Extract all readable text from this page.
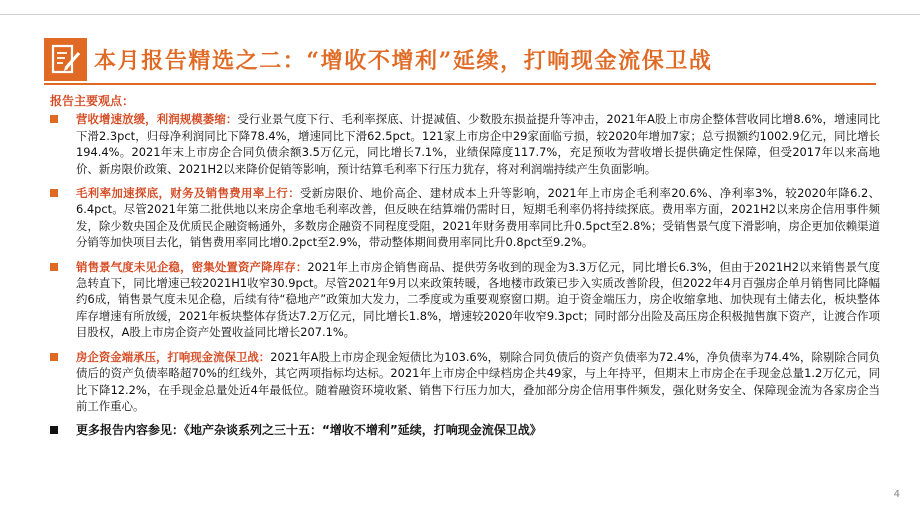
本月报告精选之二：“增收不增利”延续，打响现金流保卫战
报告主要观点：
营收增速放缓，利润规模萎缩：受行业景气度下行、毛利率探底、计提减值、少数股东损益提升等冲击，2021年A股上市房企整体营收同比增8.6%，增速同比下滑2.3pct，归母净利润同比下降78.4%，增速同比下滑62.5pct。121家上市房企中29家面临亏损，较2020年增加7家；总亏损额约1002.9亿元，同比增长194.4%。2021年末上市房企合同负债余额3.5万亿元，同比增长7.1%，业绩保障度117.7%，充足预收为营收增长提供确定性保障，但受2017年以来高地价、新房限价政策、2021H2以来降价促销等影响，预计结算毛利率下行压力犹存，将对利润端持续产生负面影响。
毛利率加速探底，财务及销售费用率上行：受新房限价、地价高企、建材成本上升等影响，2021年上市房企毛利率20.6%、净利率3%，较2020年降6.2、6.4pct。尽管2021年第二批供地以来房企拿地毛利率改善，但反映在结算端仍需时日，短期毛利率仍将持续探底。费用率方面，2021H2以来房企信用事件频发，除少数央国企及优质民企融资畅通外，多数房企融资不同程度受阻，2021年财务费用率同比升0.5pct至2.8%；受销售景气度下滑影响，房企更加依赖渠道分销等加快项目去化，销售费用率同比增0.2pct至2.9%，带动整体期间费用率同比升0.8pct至9.2%。
销售景气度未见企稳，密集处置资产降库存：2021年上市房企销售商品、提供劳务收到的现金为3.3万亿元，同比增长6.3%，但由于2021H2以来销售景气度急转直下，同比增速已较2021H1收窄30.9pct。尽管2021年9月以来政策转暖，各地楼市政策已步入实质改善阶段，但2022年4月百强房企单月销售同比降幅约6成，销售景气度未见企稳，后续有待“稳地产”政策加大发力，二季度或为重要观察窗口期。迫于资金端压力，房企收缩拿地、加快现有土储去化，板块整体库存增速有所放缓，2021年板块整体存货达7.2万亿元，同比增长1.8%，增速较2020年收窄9.3pct；同时部分出险及高压房企积极抛售旗下资产，让渡合作项目股权，A股上市房企资产处置收益同比增长207.1%。
房企资金端承压，打响现金流保卫战：2021年A股上市房企现金短债比为103.6%，剔除合同负债后的资产负债率为72.4%，净负债率为74.4%，除剔除合同负债后的资产负债率略超70%的红线外，其它两项指标均达标。2021年上市房企中绿档房企共49家，与上年持平，但期末上市房企在手现金总量1.2万亿元，同比下降12.2%，在手现金总量处近4年最低位。随着融资环境收紧、销售下行压力加大，叠加部分房企信用事件频发，强化财务安全、保障现金流为各家房企当前工作重心。
更多报告内容参见：《地产杂谈系列之三十五：“增收不增利”延续，打响现金流保卫战》
4
